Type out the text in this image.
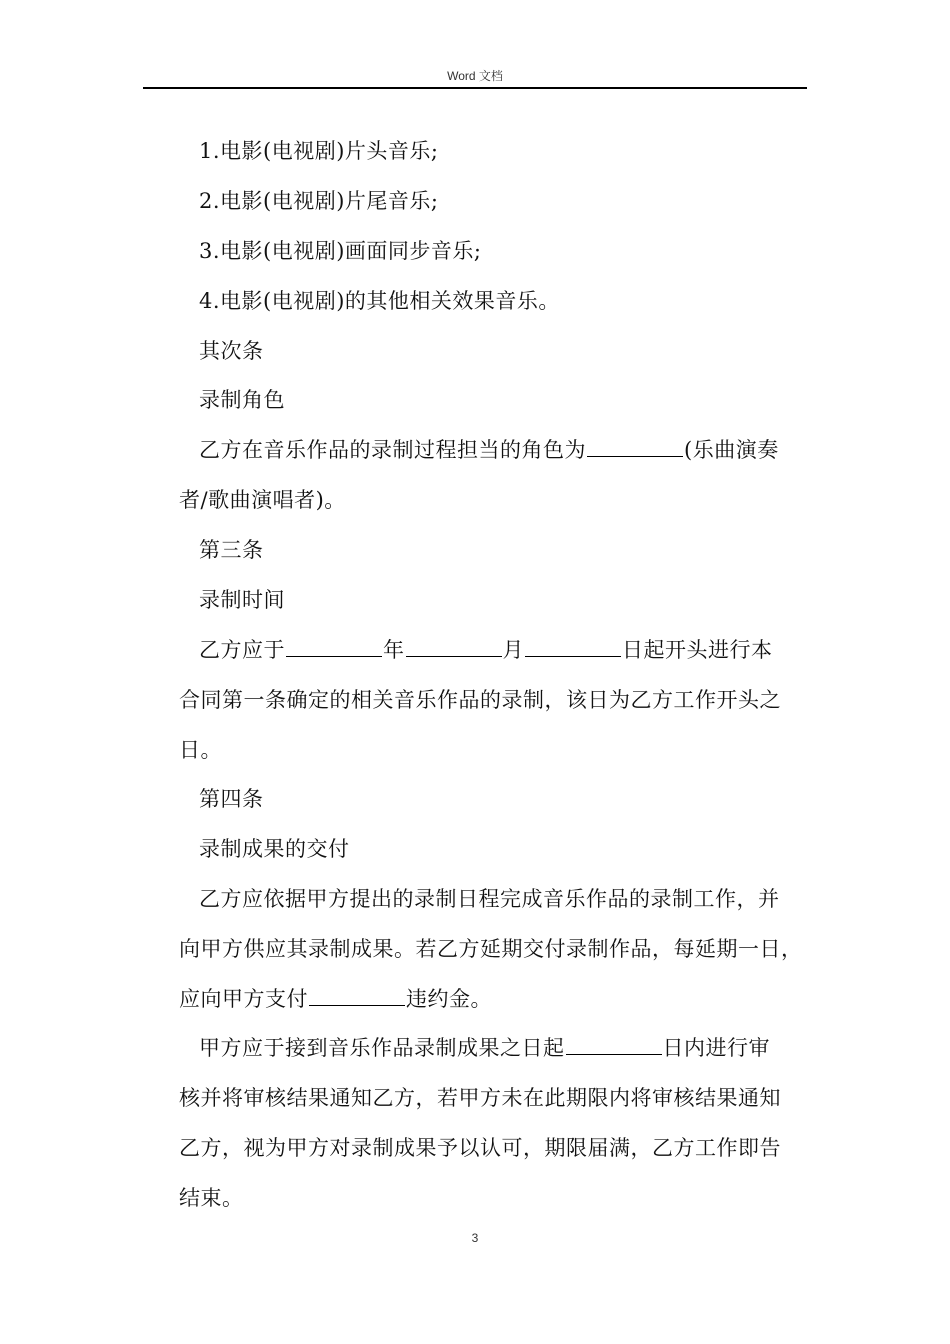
Word 文档
1.电影(电视剧)片头音乐;
2.电影(电视剧)片尾音乐;
3.电影(电视剧)画面同步音乐;
4.电影(电视剧)的其他相关效果音乐。
其次条
录制角色
乙方在音乐作品的录制过程担当的角色为	(乐曲演奏
者/歌曲演唱者)。
第三条
录制时间
乙方应于	年	月	日起开头进行本
合同第一条确定的相关音乐作品的录制，该日为乙方工作开头之
日。
第四条
录制成果的交付
乙方应依据甲方提出的录制日程完成音乐作品的录制工作，并
向甲方供应其录制成果。若乙方延期交付录制作品，每延期一日，
应向甲方支付	违约金。
甲方应于接到音乐作品录制成果之日起	日内进行审
核并将审核结果通知乙方，若甲方未在此期限内将审核结果通知
乙方，视为甲方对录制成果予以认可，期限届满，乙方工作即告
结束。
3
